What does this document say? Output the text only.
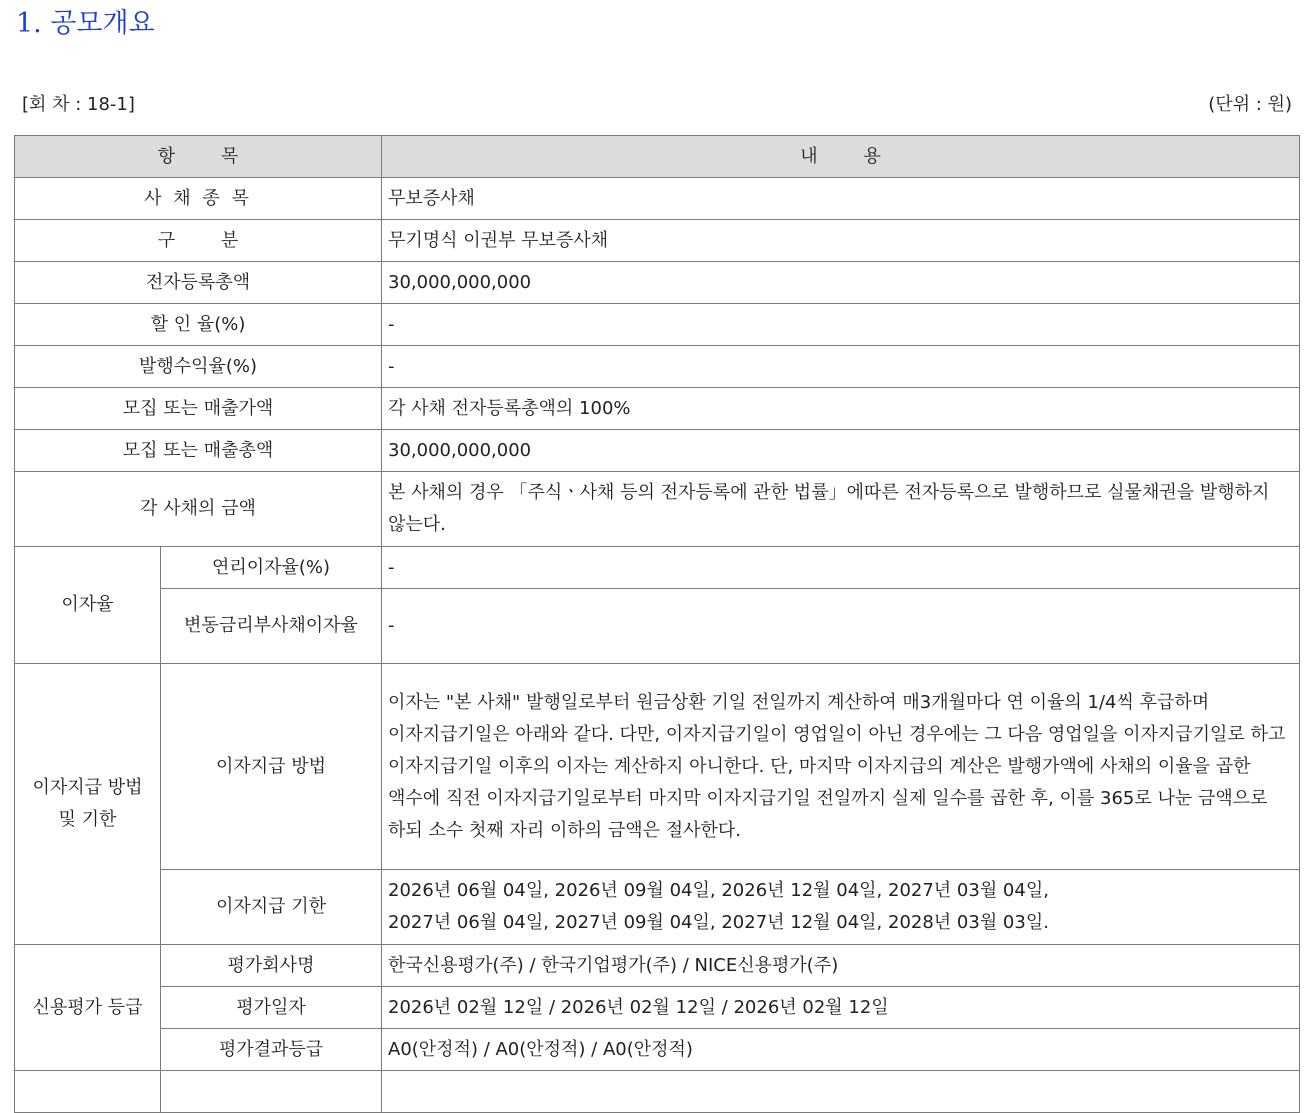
1. 공모개요
[회 차 : 18-1]	(단위 : 원)
항 목		내 용
사 채 종 목		무보증사채
구 분		무기명식 이권부 무보증사채
전자등록총액		30,000,000,000
할 인 율(%)		-
발행수익율(%)		-
모집 또는 매출가액		각 사채 전자등록총액의 100%
모집 또는 매출총액		30,000,000,000
각 사채의 금액		본 사채의 경우 「주식ㆍ사채 등의 전자등록에 관한 법률」에따른 전자등록으로 발행하므로 실물채권을 발행하지 않는다.
이자율	연리이자율(%)	-
	변동금리부사채이자율	-
이자지급 방법 및 기한	이자지급 방법	이자는 "본 사채" 발행일로부터 원금상환 기일 전일까지 계산하여 매3개월마다 연 이율의 1/4씩 후급하며 이자지급기일은 아래와 같다. 다만, 이자지급기일이 영업일이 아닌 경우에는 그 다음 영업일을 이자지급기일로 하고 이자지급기일 이후의 이자는 계산하지 아니한다. 단, 마지막 이자지급의 계산은 발행가액에 사채의 이율을 곱한 액수에 직전 이자지급기일로부터 마지막 이자지급기일 전일까지 실제 일수를 곱한 후, 이를 365로 나눈 금액으로 하되 소수 첫째 자리 이하의 금액은 절사한다.
	이자지급 기한	2026년 06월 04일, 2026년 09월 04일, 2026년 12월 04일, 2027년 03월 04일,
2027년 06월 04일, 2027년 09월 04일, 2027년 12월 04일, 2028년 03월 03일.

신용평가 등급	평가회사명	한국신용평가(주) / 한국기업평가(주) / NICE신용평가(주)
	평가일자	2026년 02월 12일 / 2026년 02월 12일 / 2026년 02월 12일
	평가결과등급	A0(안정적) / A0(안정적) / A0(안정적)
